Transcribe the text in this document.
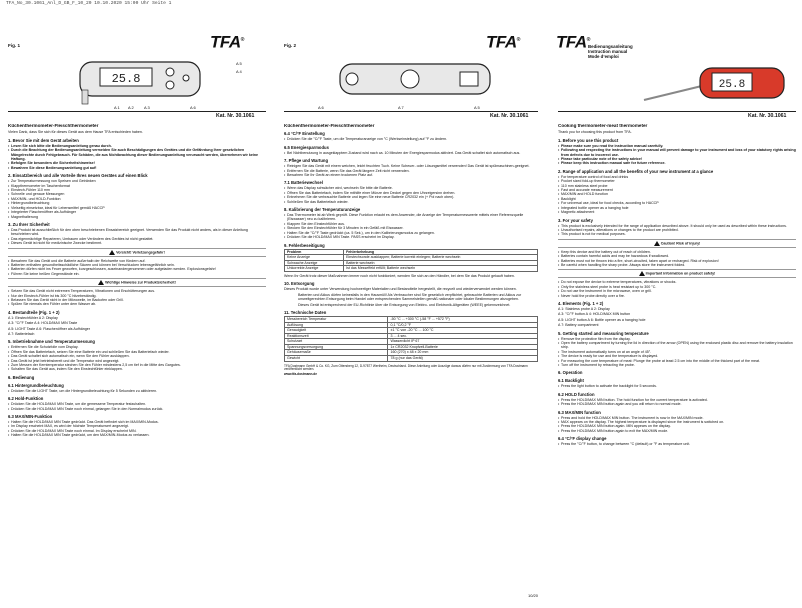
TFA_No_30.1061_Anl_D_GB_F_10_20 10.10.2020 15:00 Uhr Seite 1
Fig. 1	TFA®
25.8
A 5
A 4
A 1 A 2	A 3	A 6
Kat. Nr. 30.1061
Fig. 2	TFA®
A 6	A 7	A 5
Kat. Nr. 30.1061
TFA®
Bedienungsanleitung
Instruction manual
Mode d’emploi
25.8
Kat. Nr. 30.1061
Küchenthermometer-Fleischthermometer

Vielen Dank, dass Sie sich für dieses Gerät aus dem Hause TFA entschieden haben.

1. Bevor Sie mit dem Gerät arbeiten
• Lesen Sie sich bitte die Bedienungsanleitung genau durch.
• Durch die Beachtung der Bedienungsanleitung vermeiden Sie auch Beschädigungen des Gerätes und die Gefährdung Ihrer gesetzlichen Mängelrechte durch Fehlgebrauch. Für Schäden, die aus Nichtbeachtung dieser Bedienungsanleitung verursacht werden, übernehmen wir keine Haftung.
• Befolgen Sie besonders die Sicherheitshinweise!
• Bewahren Sie diese Bedienungsanleitung gut auf!
2. Einsatzbereich und alle Vorteile Ihres neuen Gerätes auf einen Blick
• Zur Temperaturmessung von Speisen und Getränken
• Klappthermometer im Taschenformat
• Einstech-Fühler 110 mm
• Schnelle und genaue Messungen
• MAX/MIN- und HOLD-Funktion
• Hintergrundbeleuchtung
• Vielseitig einsetzbar, ideal für Lebensmittel gemäß HACCP
• Integrierter Flaschenöffner als Aufhänger
• Magnethalterung
3. Zu Ihrer Sicherheit
• Das Produkt ist ausschließlich für den oben beschriebenen Einsatzbereich geeignet. Verwenden Sie das Produkt nicht anders, als in dieser Anleitung beschrieben wird.
• Das eigenmächtige Reparieren, Umbauen oder Verändern des Gerätes ist nicht gestattet.
• Dieses Gerät ist nicht für medizinische Zwecke bestimmt.
Vorsicht! Verletzungsgefahr!
• Bewahren Sie das Gerät und die Batterie außerhalb der Reichweite von Kindern auf.
• Batterien enthalten gesundheitsschädliche Säuren und können bei Verschlucken lebensgefährlich sein.
• Batterien dürfen nicht ins Feuer geworfen, kurzgeschlossen, auseinandergenommen oder aufgeladen werden. Explosionsgefahr!
• Führen Sie keine heißen Gegenstände ein.
Wichtige Hinweise zur Produktsicherheit!
• Setzen Sie das Gerät nicht extremen Temperaturen, Vibrationen und Erschütterungen aus.
• Nur der Einstech-Fühler ist bis 300 °C hitzebeständig.
• Belassen Sie das Gerät nicht in der Mikrowelle, im Backofen oder Grill.
• Spülen Sie niemals den Fühler unter dem Wasser ab.
4. Bestandteile (Fig. 1 + 2)

A 1: Einstechfühler A 2: Display

A 3: °C/°F Taste A 4: HOLD/MAX MIN Taste

A 5: LIGHT Taste A 6: Flaschenöffner als Aufhänger

A 7: Batteriefach

5. Inbetriebnahme und Temperaturmessung
• Entfernen Sie die Schutzfolie vom Display.
• Öffnen Sie das Batteriefach, setzen Sie eine Batterie ein und schließen Sie das Batteriefach wieder.
• Das Gerät schaltet sich automatisch ein, wenn Sie den Fühler ausklappen.
• Das Gerät ist jetzt betriebsbereit und die Temperatur wird angezeigt.
• Zum Messen der Kerntemperatur stechen Sie den Fühler mindestens 2,5 cm tief in die Mitte des Gargutes.
• Schalten Sie das Gerät aus, indem Sie den Einstechfühler einklappen.
6. Bedienung
6.1 Hintergrundbeleuchtung
• Drücken Sie die LIGHT Taste, um die Hintergrundbeleuchtung für 5 Sekunden zu aktivieren.
6.2 Hold-Funktion
• Drücken Sie die HOLD/MAX MIN Taste, um die gemessene Temperatur festzuhalten.
• Drücken Sie die HOLD/MAX MIN Taste noch einmal, gelangen Sie in den Normalmodus zurück.
6.3 MAX/MIN-Funktion
• Halten Sie die HOLD/MAX MIN Taste gedrückt. Das Gerät befindet sich im MAX/MIN-Modus.
• Im Display erscheint MAX, es wird der höchste Temperaturwert angezeigt.
• Drücken Sie die HOLD/MAX MIN Taste noch einmal. Im Display erscheint MIN.
• Halten Sie die HOLD/MAX MIN Taste gedrückt, um den MAX/MIN-Modus zu verlassen.
Küchenthermometer-Fleischthermometer
6.4 °C/°F Einstellung
• Drücken Sie die °C/°F Taste, um die Temperaturanzeige von °C (Werkseinstellung) auf °F zu ändern.
6.5 Energiesparmodus
• Bei Nichtbenutzung in ausgeklapptem Zustand wird nach ca. 10 Minuten der Energiesparmodus aktiviert. Das Gerät schaltet sich automatisch aus.
7. Pflege und Wartung
• Reinigen Sie das Gerät mit einem weichen, leicht feuchten Tuch. Keine Scheuer- oder Lösungsmittel verwenden! Das Gerät ist spülmaschinen-geeignet.
• Entfernen Sie die Batterie, wenn Sie das Gerät längere Zeit nicht verwenden.
• Bewahren Sie Ihr Gerät an einem trockenen Platz auf.
7.1 Batteriewechsel
• Wenn das Display schwächer wird, wechseln Sie bitte die Batterie.
• Öffnen Sie das Batteriefach, indem Sie mithilfe einer Münze den Deckel gegen den Uhrzeigersinn drehen.
• Entnehmen Sie die verbrauchte Batterie und legen Sie eine neue Batterie CR2032 ein (+ Pol nach oben).
• Schließen Sie das Batteriefach wieder.
8. Kalibrierung der Temperaturanzeige
• Das Thermometer ist ab Werk geprüft. Diese Funktion erlaubt es dem Anwender, die Anzeige der Temperaturmesswerte mittels einer Referenzquelle (Eiswasser) neu zu kalibrieren.
• Klappen Sie den Einstechfühler aus.
• Stecken Sie den Einstechfühler für 3 Minuten in ein Gefäß mit Eiswasser.
• Halten Sie die °C/°F Taste gedrückt (ca. 5 Sek.), um in den Kalibrierungsmodus zu gelangen.
• Drücken Sie die HOLD/MAX MIN Taste. PASS erscheint im Display.
9. Fehlerbeseitigung
Problem	Fehlerbehebung
Keine Anzeige	Einstechsonde ausklappen; Batterie korrekt einlegen; Batterie wechseln
Schwache Anzeige	Batterie wechseln
Unkorrekte Anzeige	Ist das Messeffekt erfüllt; Batterie wechseln

Wenn Ihr Gerät trotz dieser Maßnahmen immer noch nicht funktioniert, wenden Sie sich an den Händler, bei dem Sie das Produkt gekauft haben.

10. Entsorgung

Dieses Produkt wurde unter Verwendung hochwertiger Materialien und Bestandteile hergestellt, die recycelt und wiederverwendet werden können.

Batterien und Akkus dürfen keinesfalls in den Hausmüll! Als Verbraucher sind Sie gesetzlich verpflichtet, gebrauchte Batterien und Akkus zur umweltgerechten Entsorgung beim Handel oder entsprechenden Sammelstellen gemäß nationaler oder lokaler Bestimmungen abzugeben.

Dieses Gerät ist entsprechend der EU-Richtlinie über die Entsorgung von Elektro- und Elektronik-Altgeräten (WEEE) gekennzeichnet.

11. Technische Daten
Messbereich Temperatur	-50 °C ... +300 °C (-58 °F ... +572 °F)
Auflösung	0,1 °C/0,2 °F
Genauigkeit	±1 °C von -20 °C ... 100 °C
Reaktionszeit	3 ... 4 sec.
Schutzart	Wasserdicht IP 67
Spannungsversorgung	1x CR2032 Knopfzell-Batterie
Gehäusemaße	160 (270) x 48 x 20 mm
Gewicht	78 g (nur das Gerät)

TFA Dostmann GmbH & Co. KG, Zum Ottersberg 12, D-97877 Wertheim, Deutschland. Diese Anleitung oder Auszüge daraus dürfen nur mit Zustimmung von TFA Dostmann veröffentlicht werden.

www.tfa-dostmann.de

10/20
Cooking thermometer-meat thermometer

Thank you for choosing this product from TFA.

1. Before you use this product
• Please make sure you read the instruction manual carefully.
• Following and respecting the instructions in your manual will prevent damage to your instrument and loss of your statutory rights arising from defects due to incorrect use.
• Please take particular note of the safety advice!
• Please keep this instruction manual safe for future reference.
2. Range of application and all the benefits of your new instrument at a glance
• For temperature control of food and drinks
• Pocket sized fold-up thermometer
• 110 mm stainless steel probe
• Fast and accurate measurement
• MAX/MIN and HOLD function
• Backlight
• For universal use, ideal for food checks, according to HACCP
• Integrated bottle opener as a hanging hole
• Magnetic attachment
3. For your safety
• This product is exclusively intended for the range of application described above. It should only be used as described within these instructions.
• Unauthorised repairs, alterations or changes to the product are prohibited.
• This product is not for medical purposes.
Caution! Risk of injury!
• Keep this device and the battery out of reach of children.
• Batteries contain harmful acids and may be hazardous if swallowed.
• Batteries must not be thrown into a fire, short-circuited, taken apart or recharged. Risk of explosion!
• Be careful when handling the sharp probe. Always store the instrument folded.
Important information on product safety!
• Do not expose the device to extreme temperatures, vibrations or shocks.
• Only the stainless steel probe is heat resistant up to 300 °C.
• Do not use the instrument in the microwave, oven or grill.
• Never hold the probe directly over a fire.
4. Elements (Fig. 1 + 2)

A 1: Stainless probe A 2: Display

A 3: °C/°F button A 4: HOLD/MAX MIN button

A 5: LIGHT button A 6: Bottle opener as a hanging hole

A 7: Battery compartment

5. Getting started and measuring temperature
• Remove the protective film from the display.
• Open the battery compartment by turning the lid in direction of the arrow (OPEN) using the enclosed plastic disc and remove the battery insulation strip.
• The instrument automatically turns on at an angle of 45°.
• The device is ready for use and the temperature is displayed.
• For measuring the core temperature of meat: Plunge the probe at least 2.5 cm into the middle of the thickest part of the meat.
• Turn off the instrument by retracting the probe.
6. Operation
6.1 Backlight
• Press the light button to activate the backlight for 5 seconds.
6.2 HOLD function
• Press the HOLD/MAX MIN button. The hold function for the current temperature is activated.
• Press the HOLD/MAX MIN button again and you will return to normal mode.
6.3 MAX/MIN function
• Press and hold the HOLD/MAX MIN button. The instrument is now in the MAX/MIN mode.
• MAX appears on the display. The highest temperature is displayed since the instrument is switched on.
• Press the HOLD/MAX MIN button again. MIN appears on the display.
• Press the HOLD/MAX MIN button again to exit the MAX/MIN mode.
6.4 °C/°F display change
• Press the °C/°F button, to change between °C (default) or °F as temperature unit.
